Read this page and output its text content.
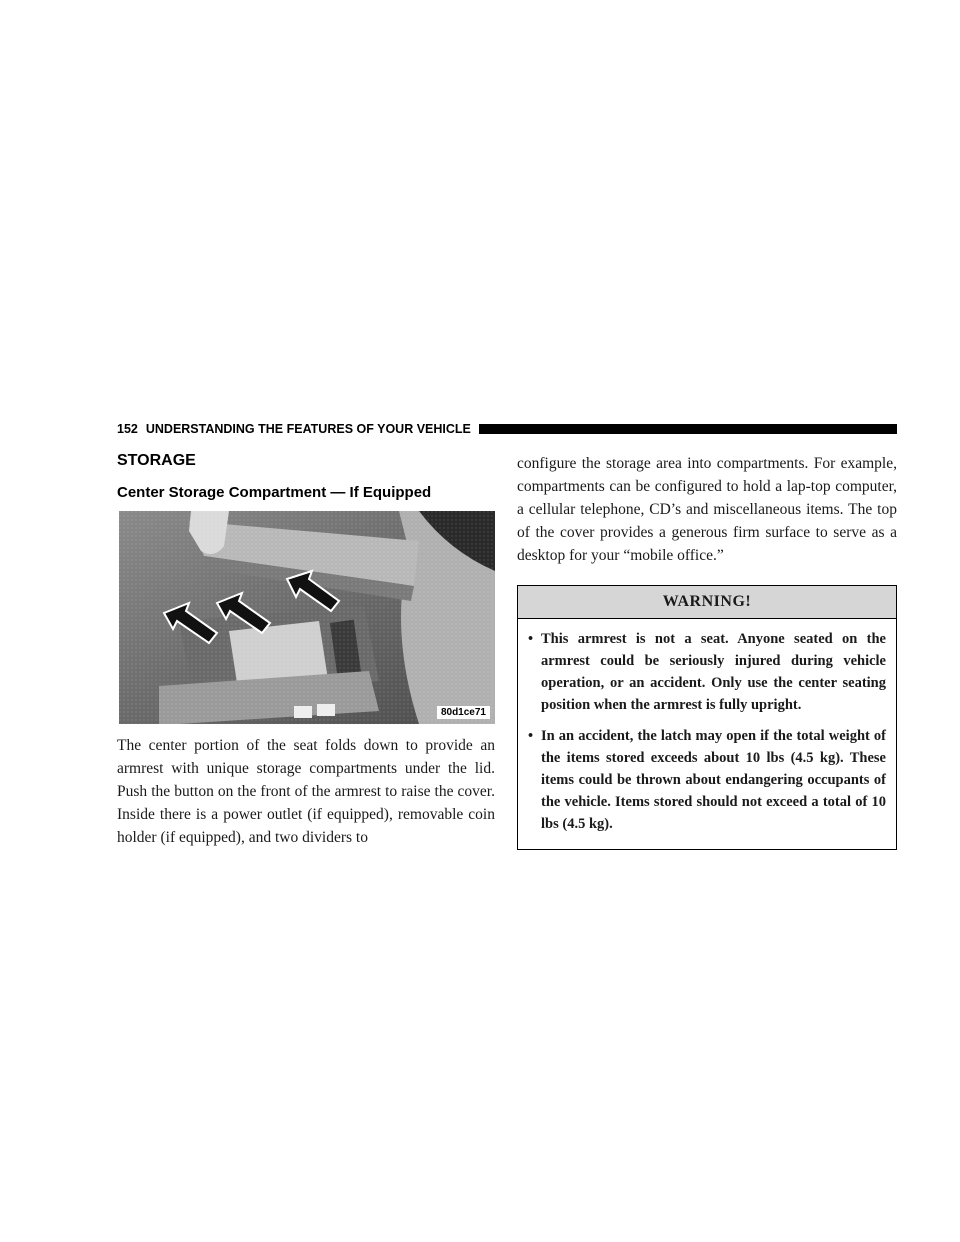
152 UNDERSTANDING THE FEATURES OF YOUR VEHICLE
STORAGE
Center Storage Compartment — If Equipped
80d1ce71

The center portion of the seat folds down to provide an armrest with unique storage compartments under the lid. Push the button on the front of the armrest to raise the cover. Inside there is a power outlet (if equipped), removable coin holder (if equipped), and two dividers to

configure the storage area into compartments. For example, compartments can be configured to hold a lap-top computer, a cellular telephone, CD’s and miscellaneous items. The top of the cover provides a generous firm surface to serve as a desktop for your “mobile office.”

WARNING!
• This armrest is not a seat. Anyone seated on the armrest could be seriously injured during vehicle operation, or an accident. Only use the center seating position when the armrest is fully upright.
• In an accident, the latch may open if the total weight of the items stored exceeds about 10 lbs (4.5 kg). These items could be thrown about endangering occupants of the vehicle. Items stored should not exceed a total of 10 lbs (4.5 kg).
